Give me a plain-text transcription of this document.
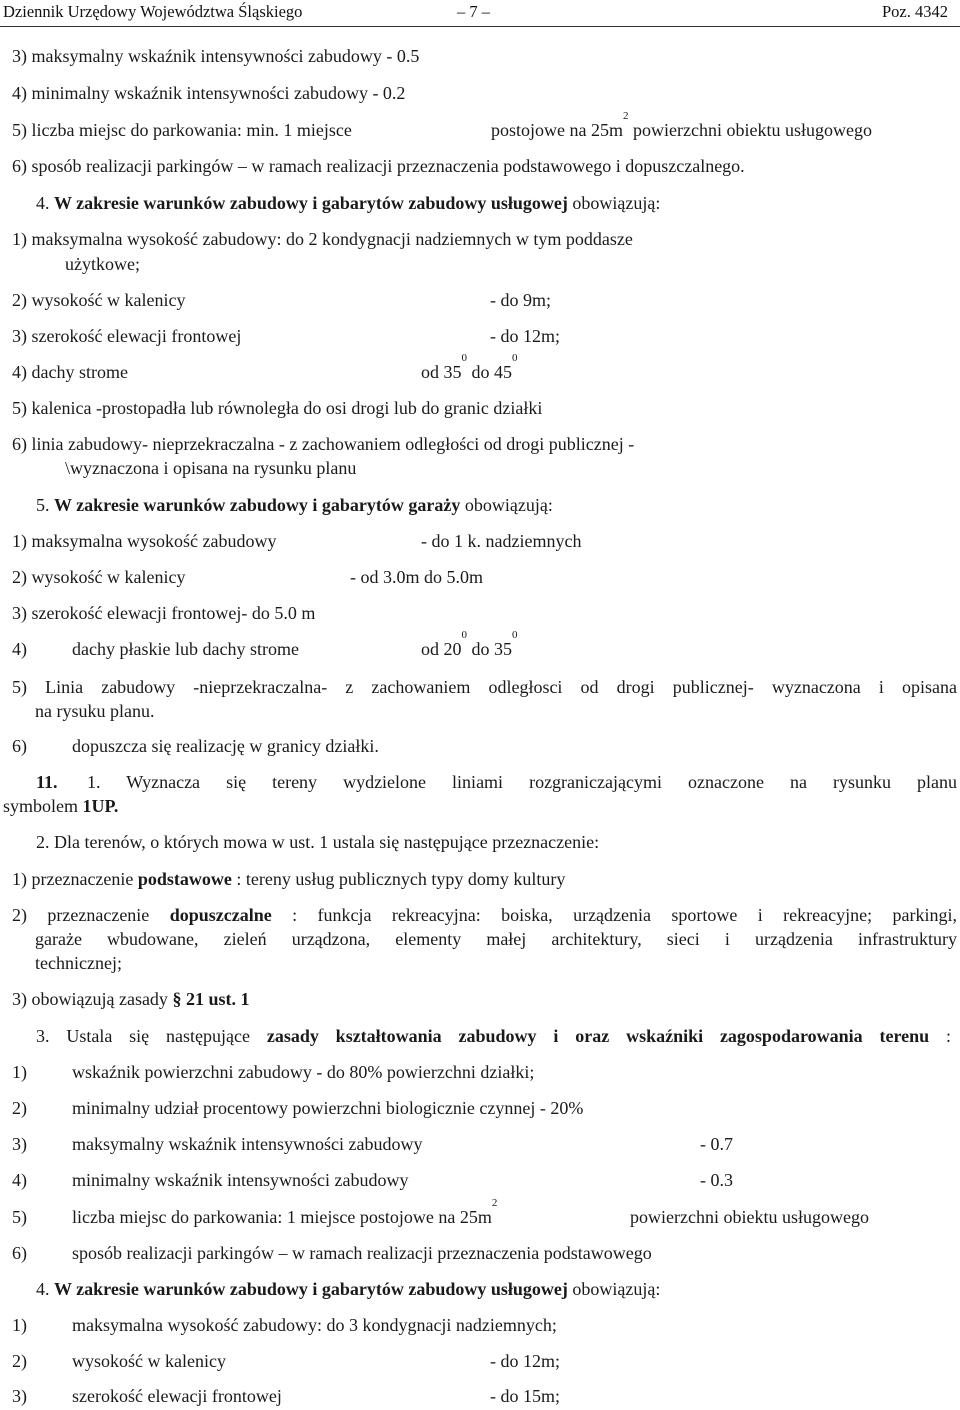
Dziennik Urzędowy Województwa Śląskiego	– 7 –	Poz. 4342
3) maksymalny wskaźnik intensywności zabudowy - 0.5
4) minimalny wskaźnik intensywności zabudowy - 0.2
5) liczba miejsc do parkowania: min. 1 miejsce	postojowe na $25m^2$ powierzchni obiektu usługowego
6) sposób realizacji parkingów – w ramach realizacji przeznaczenia podstawowego i dopuszczalnego.
4. W zakresie warunków zabudowy i gabarytów zabudowy usługowej obowiązują:
1) maksymalna wysokość zabudowy: do 2 kondygnacji nadziemnych w tym poddasze
użytkowe;
2) wysokość w kalenicy	- do 9m;
3) szerokość elewacji frontowej	- do 12m;
4) dachy strome	od $35^0$ do $45^0$
5) kalenica -prostopadła lub równoległa do osi drogi lub do granic działki
6) linia zabudowy- nieprzekraczalna - z zachowaniem odległości od drogi publicznej -
\wyznaczona i opisana na rysunku planu
5. W zakresie warunków zabudowy i gabarytów garaży obowiązują:
1) maksymalna wysokość zabudowy	- do 1 k. nadziemnych
2) wysokość w kalenicy	- od 3.0m do 5.0m
3) szerokość elewacji frontowej- do 5.0 m
4)	dachy płaskie lub dachy strome	od $20^0$ do $35^0$
5) Linia zabudowy -nieprzekraczalna- z zachowaniem odległosci od drogi publicznej- wyznaczona i opisana
na rysuku planu.
6)	dopuszcza się realizację w granicy działki.
11. 1. Wyznacza się tereny wydzielone liniami rozgraniczającymi oznaczone na rysunku planu
symbolem 1UP.
2. Dla terenów, o których mowa w ust. 1 ustala się następujące przeznaczenie:
1) przeznaczenie podstawowe : tereny usług publicznych typy domy kultury
2) przeznaczenie dopuszczalne : funkcja rekreacyjna: boiska, urządzenia sportowe i rekreacyjne; parkingi,
garaże wbudowane, zieleń urządzona, elementy małej architektury, sieci i urządzenia infrastruktury
technicznej;
3) obowiązują zasady § 21 ust. 1
3. Ustala się następujące zasady kształtowania zabudowy i oraz wskaźniki zagospodarowania terenu :
1)	wskaźnik powierzchni zabudowy - do 80% powierzchni działki;
2)	minimalny udział procentowy powierzchni biologicznie czynnej - 20%
3)	maksymalny wskaźnik intensywności zabudowy	- 0.7
4)	minimalny wskaźnik intensywności zabudowy	- 0.3
5)	liczba miejsc do parkowania: 1 miejsce postojowe na $25m^2$
powierzchni obiektu usługowego
6)	sposób realizacji parkingów – w ramach realizacji przeznaczenia podstawowego
4. W zakresie warunków zabudowy i gabarytów zabudowy usługowej obowiązują:
1)	maksymalna wysokość zabudowy: do 3 kondygnacji nadziemnych;
2)	wysokość w kalenicy	- do 12m;
3)	szerokość elewacji frontowej	- do 15m;
